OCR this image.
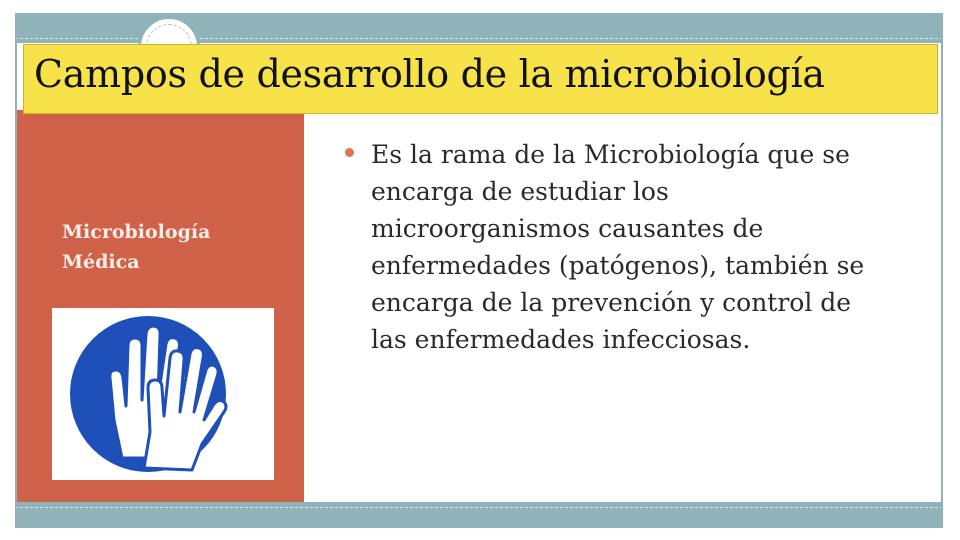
Microbiología
Médica
Campos de desarrollo de la microbiología
Es la rama de la Microbiología que se encarga de estudiar los microorganismos causantes de enfermedades (patógenos), también se encarga de la prevención y control de las enfermedades infecciosas.
